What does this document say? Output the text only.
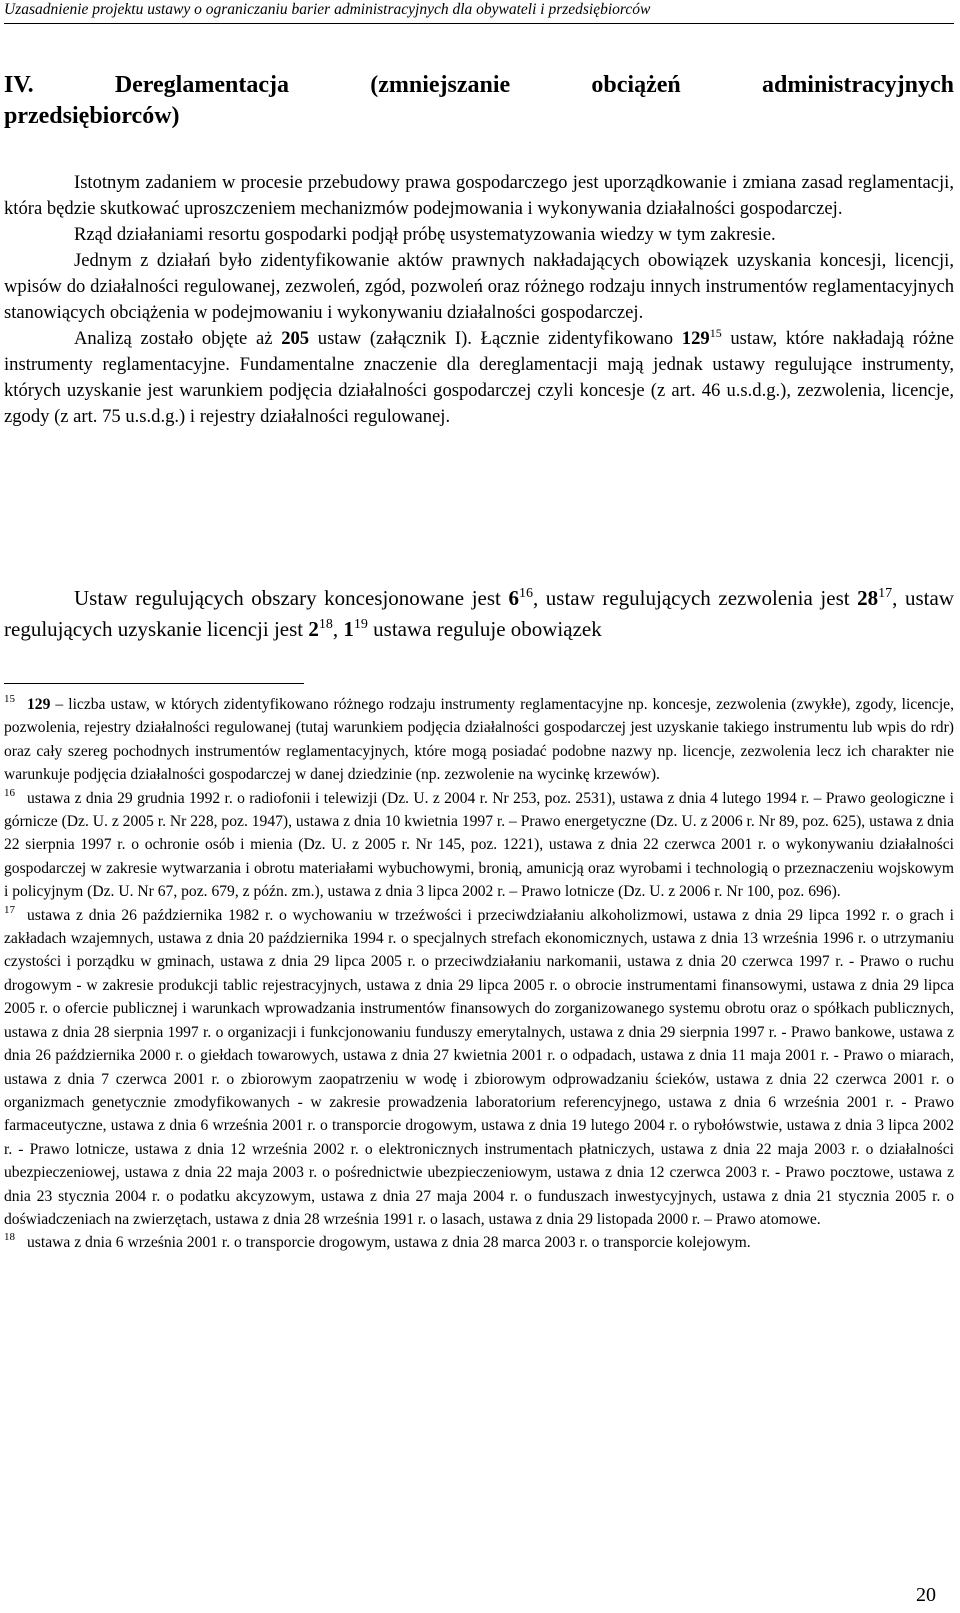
Uzasadnienie projektu ustawy o ograniczaniu barier administracyjnych dla obywateli i przedsiębiorców
IV.	Dereglamentacja	(zmniejszanie	obciążeń	administracyjnych
przedsiębiorców)

Istotnym zadaniem w procesie przebudowy prawa gospodarczego jest uporządkowanie i zmiana zasad reglamentacji, która będzie skutkować uproszczeniem mechanizmów podejmowania i wykonywania działalności gospodarczej.

Rząd działaniami resortu gospodarki podjął próbę usystematyzowania wiedzy w tym zakresie.

Jednym z działań było zidentyfikowanie aktów prawnych nakładających obowiązek uzyskania koncesji, licencji, wpisów do działalności regulowanej, zezwoleń, zgód, pozwoleń oraz różnego rodzaju innych instrumentów reglamentacyjnych stanowiących obciążenia w podejmowaniu i wykonywaniu działalności gospodarczej.

Analizą zostało objęte aż 205 ustaw (załącznik I). Łącznie zidentyfikowano $129^{15}$ ustaw, które nakładają różne instrumenty reglamentacyjne. Fundamentalne znaczenie dla dereglamentacji mają jednak ustawy regulujące instrumenty, których uzyskanie jest warunkiem podjęcia działalności gospodarczej czyli koncesje (z art. 46 u.s.d.g.), zezwolenia, licencje, zgody (z art. 75 u.s.d.g.) i rejestry działalności regulowanej.

Ustaw regulujących obszary koncesjonowane jest $6^{16}$, ustaw regulujących zezwolenia jest $28^{17}$, ustaw regulujących uzyskanie licencji jest $2^{18}$, $1^{19}$ ustawa reguluje obowiązek

$^{15}$ 129 – liczba ustaw, w których zidentyfikowano różnego rodzaju instrumenty reglamentacyjne np. koncesje, zezwolenia (zwykłe), zgody, licencje, pozwolenia, rejestry działalności regulowanej (tutaj warunkiem podjęcia działalności gospodarczej jest uzyskanie takiego instrumentu lub wpis do rdr) oraz cały szereg pochodnych instrumentów reglamentacyjnych, które mogą posiadać podobne nazwy np. licencje, zezwolenia lecz ich charakter nie warunkuje podjęcia działalności gospodarczej w danej dziedzinie (np. zezwolenie na wycinkę krzewów).

$^{16}$ ustawa z dnia 29 grudnia 1992 r. o radiofonii i telewizji (Dz. U. z 2004 r. Nr 253, poz. 2531), ustawa z dnia 4 lutego 1994 r. – Prawo geologiczne i górnicze (Dz. U. z 2005 r. Nr 228, poz. 1947), ustawa z dnia 10 kwietnia 1997 r. – Prawo energetyczne (Dz. U. z 2006 r. Nr 89, poz. 625), ustawa z dnia 22 sierpnia 1997 r. o ochronie osób i mienia (Dz. U. z 2005 r. Nr 145, poz. 1221), ustawa z dnia 22 czerwca 2001 r. o wykonywaniu działalności gospodarczej w zakresie wytwarzania i obrotu materiałami wybuchowymi, bronią, amunicją oraz wyrobami i technologią o przeznaczeniu wojskowym i policyjnym (Dz. U. Nr 67, poz. 679, z późn. zm.), ustawa z dnia 3 lipca 2002 r. – Prawo lotnicze (Dz. U. z 2006 r. Nr 100, poz. 696).

$^{17}$ ustawa z dnia 26 października 1982 r. o wychowaniu w trzeźwości i przeciwdziałaniu alkoholizmowi, ustawa z dnia 29 lipca 1992 r. o grach i zakładach wzajemnych, ustawa z dnia 20 października 1994 r. o specjalnych strefach ekonomicznych, ustawa z dnia 13 września 1996 r. o utrzymaniu czystości i porządku w gminach, ustawa z dnia 29 lipca 2005 r. o przeciwdziałaniu narkomanii, ustawa z dnia 20 czerwca 1997 r. - Prawo o ruchu drogowym - w zakresie produkcji tablic rejestracyjnych, ustawa z dnia 29 lipca 2005 r. o obrocie instrumentami finansowymi, ustawa z dnia 29 lipca 2005 r. o ofercie publicznej i warunkach wprowadzania instrumentów finansowych do zorganizowanego systemu obrotu oraz o spółkach publicznych, ustawa z dnia 28 sierpnia 1997 r. o organizacji i funkcjonowaniu funduszy emerytalnych, ustawa z dnia 29 sierpnia 1997 r. - Prawo bankowe, ustawa z dnia 26 października 2000 r. o giełdach towarowych, ustawa z dnia 27 kwietnia 2001 r. o odpadach, ustawa z dnia 11 maja 2001 r. - Prawo o miarach, ustawa z dnia 7 czerwca 2001 r. o zbiorowym zaopatrzeniu w wodę i zbiorowym odprowadzaniu ścieków, ustawa z dnia 22 czerwca 2001 r. o organizmach genetycznie zmodyfikowanych - w zakresie prowadzenia laboratorium referencyjnego, ustawa z dnia 6 września 2001 r. - Prawo farmaceutyczne, ustawa z dnia 6 września 2001 r. o transporcie drogowym, ustawa z dnia 19 lutego 2004 r. o rybołówstwie, ustawa z dnia 3 lipca 2002 r. - Prawo lotnicze, ustawa z dnia 12 września 2002 r. o elektronicznych instrumentach płatniczych, ustawa z dnia 22 maja 2003 r. o działalności ubezpieczeniowej, ustawa z dnia 22 maja 2003 r. o pośrednictwie ubezpieczeniowym, ustawa z dnia 12 czerwca 2003 r. - Prawo pocztowe, ustawa z dnia 23 stycznia 2004 r. o podatku akcyzowym, ustawa z dnia 27 maja 2004 r. o funduszach inwestycyjnych, ustawa z dnia 21 stycznia 2005 r. o doświadczeniach na zwierzętach, ustawa z dnia 28 września 1991 r. o lasach, ustawa z dnia 29 listopada 2000 r. – Prawo atomowe.

$^{18}$ ustawa z dnia 6 września 2001 r. o transporcie drogowym, ustawa z dnia 28 marca 2003 r. o transporcie kolejowym.

20
